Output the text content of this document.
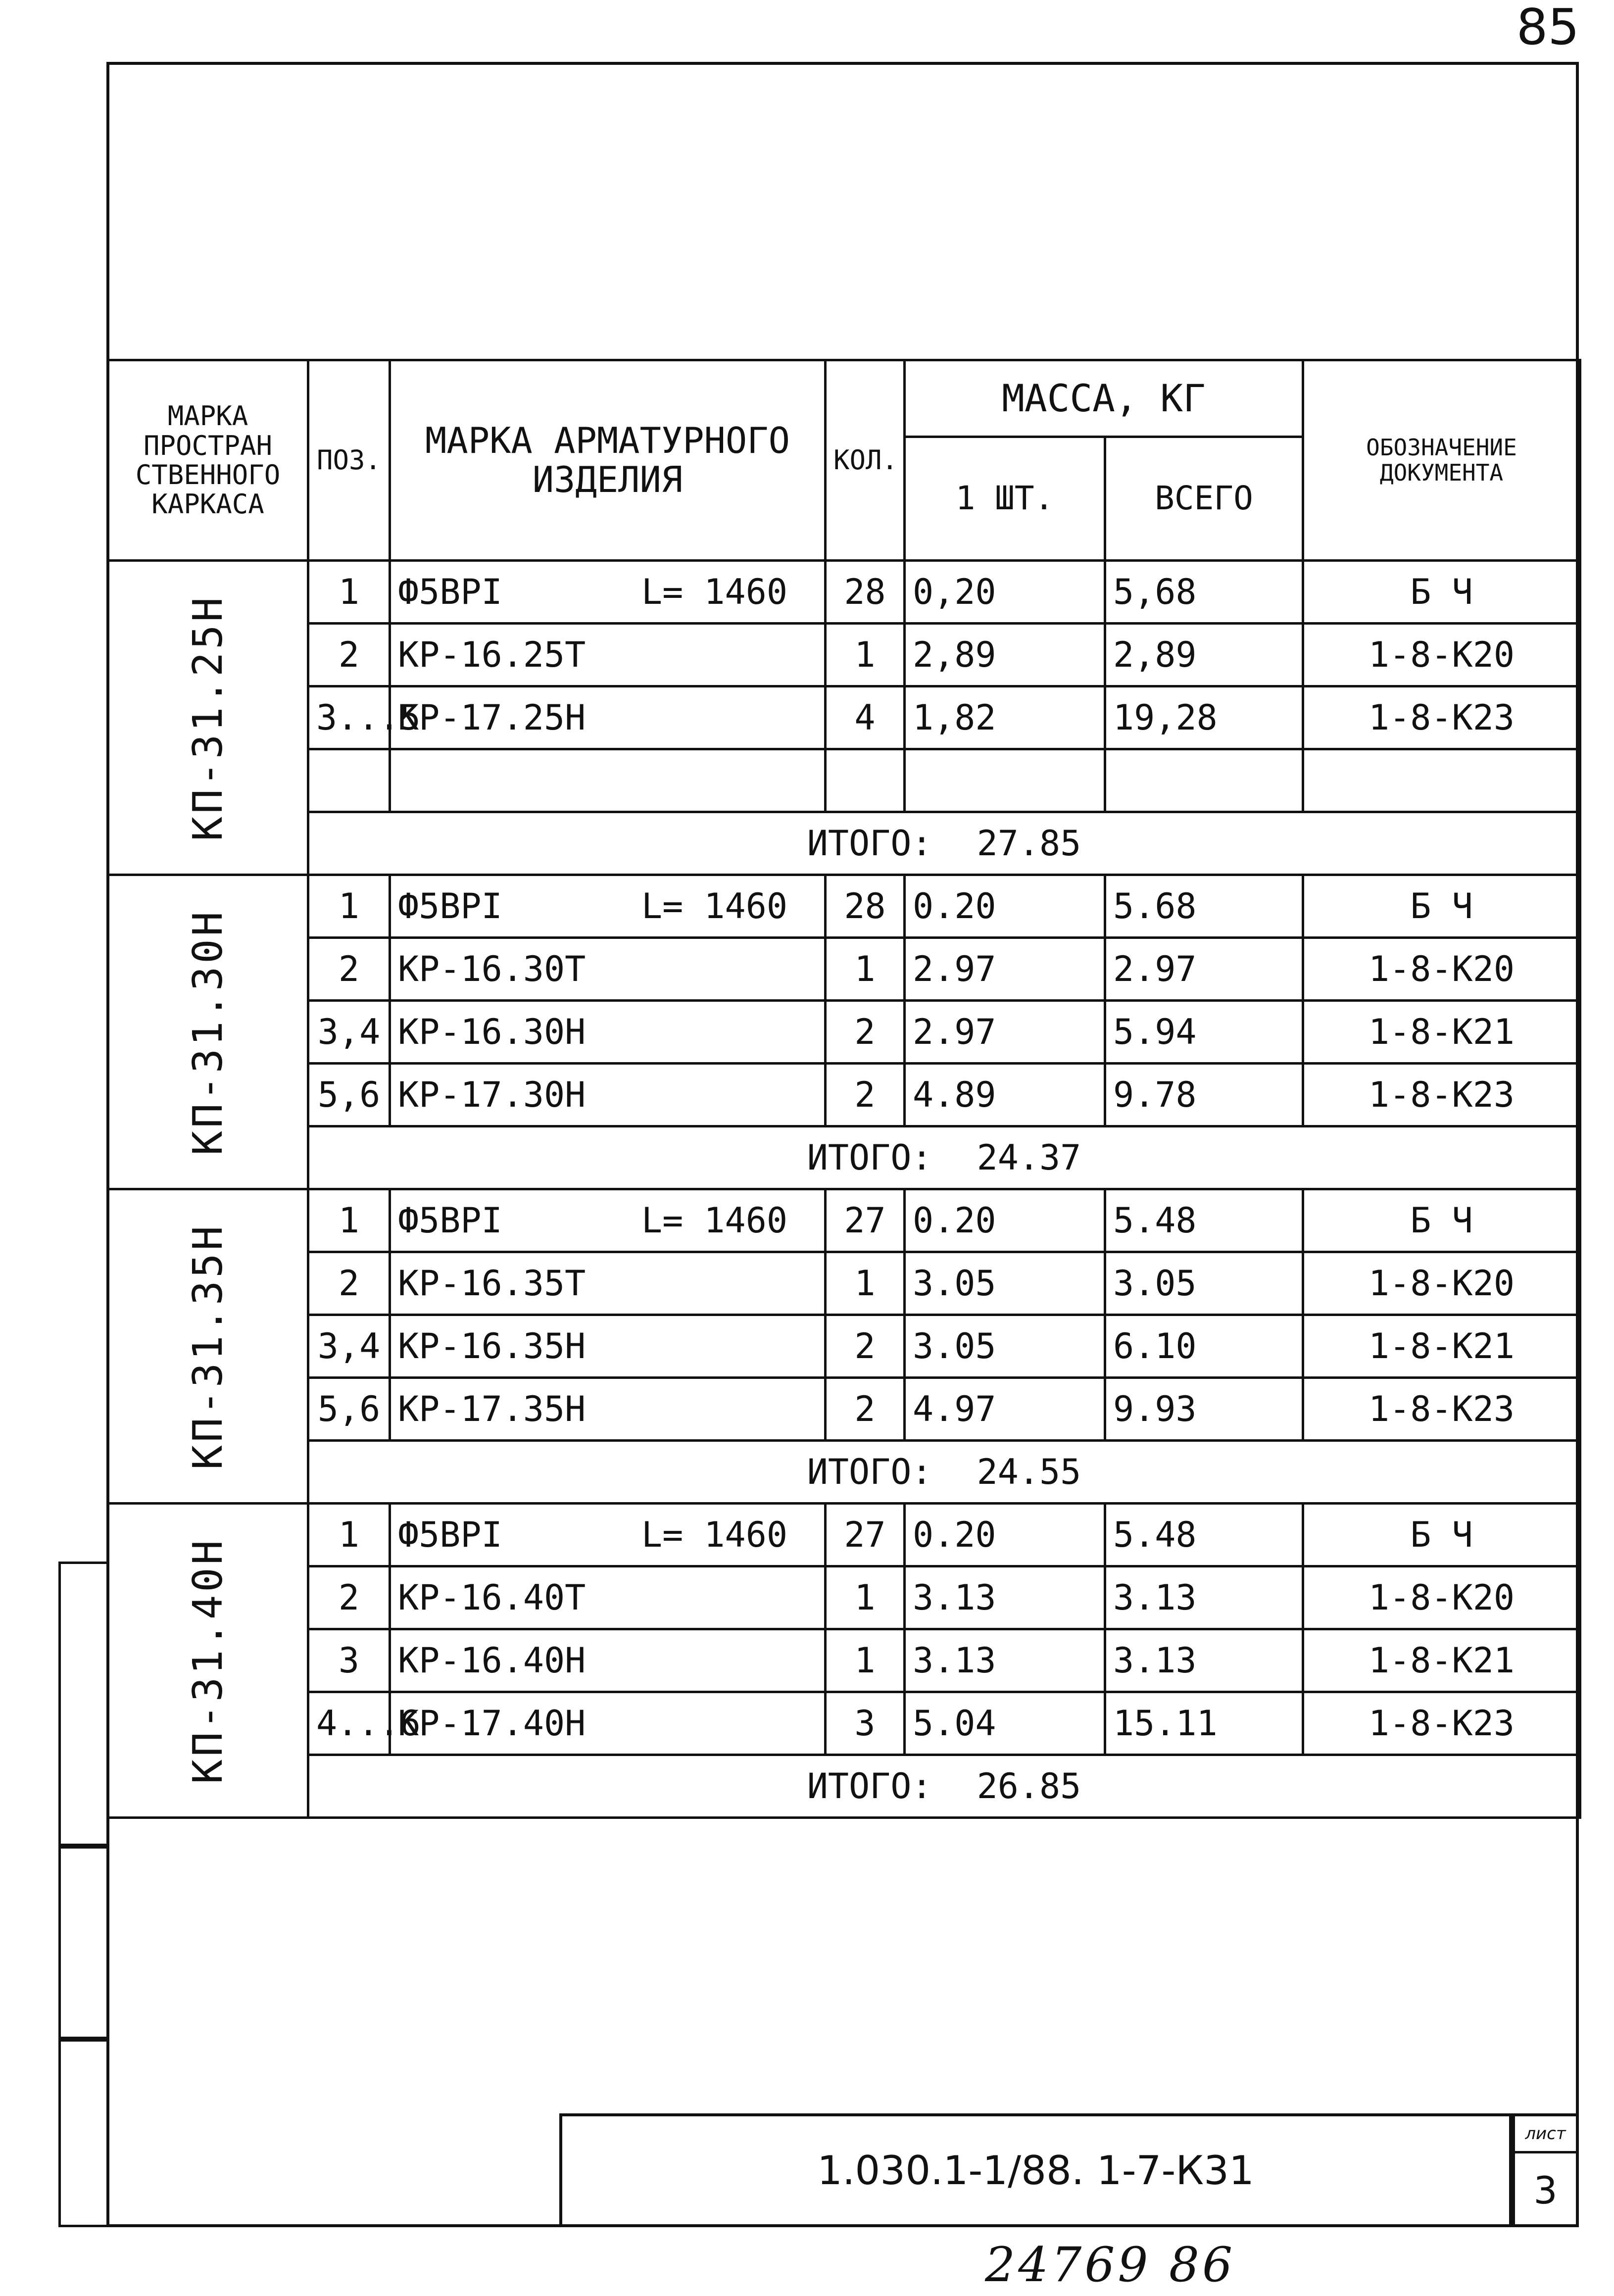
85
МАРКА ПРОСТРАН СТВЕННОГО КАРКАСА	ПОЗ.	МАРКА АРМАТУРНОГО ИЗДЕЛИЯ	КОЛ.	МАССА, КГ		ОБОЗНАЧЕНИЕ ДОКУМЕНТА
				1 ШТ.	ВСЕГО	

КП-31.25Н	1	Ф5ВРI L= 1460	28	0,20	5,68	Б Ч
	2	КР-16.25Т	1	2,89	2,89	1-8-К20
	3...5	КР-17.25Н	4	1,82	19,28	1-8-К23

	ИТОГО: 27.85					

КП-31.30Н	1	Ф5ВРI L= 1460	28	0.20	5.68	Б Ч
	2	КР-16.30Т	1	2.97	2.97	1-8-К20
	3,4	КР-16.30Н	2	2.97	5.94	1-8-К21
	5,6	КР-17.30Н	2	4.89	9.78	1-8-К23
	ИТОГО: 24.37					

КП-31.35Н	1	Ф5ВРI L= 1460	27	0.20	5.48	Б Ч
	2	КР-16.35Т	1	3.05	3.05	1-8-К20
	3,4	КР-16.35Н	2	3.05	6.10	1-8-К21
	5,6	КР-17.35Н	2	4.97	9.93	1-8-К23
	ИТОГО: 24.55					

КП-31.40Н	1	Ф5ВРI L= 1460	27	0.20	5.48	Б Ч
	2	КР-16.40Т	1	3.13	3.13	1-8-К20
	3	КР-16.40Н	1	3.13	3.13	1-8-К21
	4...6	КР-17.40Н	3	5.04	15.11	1-8-К23
	ИТОГО: 26.85					
1.030.1-1/88. 1-7-К31
лист
3
24769 86
